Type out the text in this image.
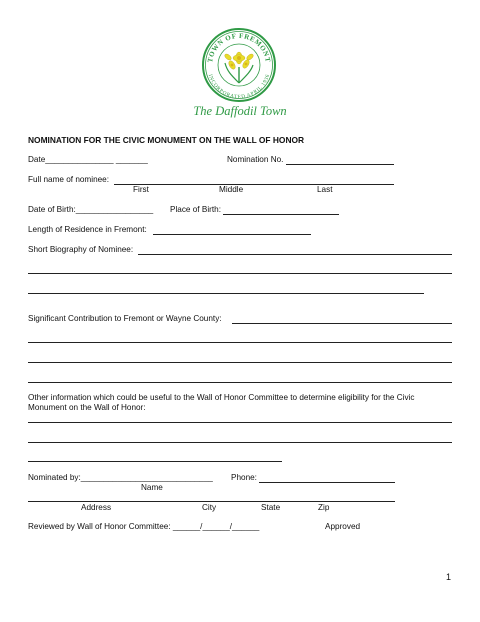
TOWN OF FREMONT
INCORPORATED APRIL 1936
The Daffodil Town
NOMINATION FOR THE CIVIC MONUMENT ON THE WALL OF HONOR
Date_______________ _______	Nomination No.
Full name of nominee:
First	Middle	Last
Date of Birth:_________________ Place of Birth:
Length of Residence in Fremont:
Short Biography of Nominee:
Significant Contribution to Fremont or Wayne County:
Other information which could be useful to the Wall of Honor Committee to determine eligibility for the Civic
Monument on the Wall of Honor:
Nominated by:_____________________________ Phone:
Name
Address	City	State	Zip
Reviewed by Wall of Honor Committee: ______/______/______	Approved
1
